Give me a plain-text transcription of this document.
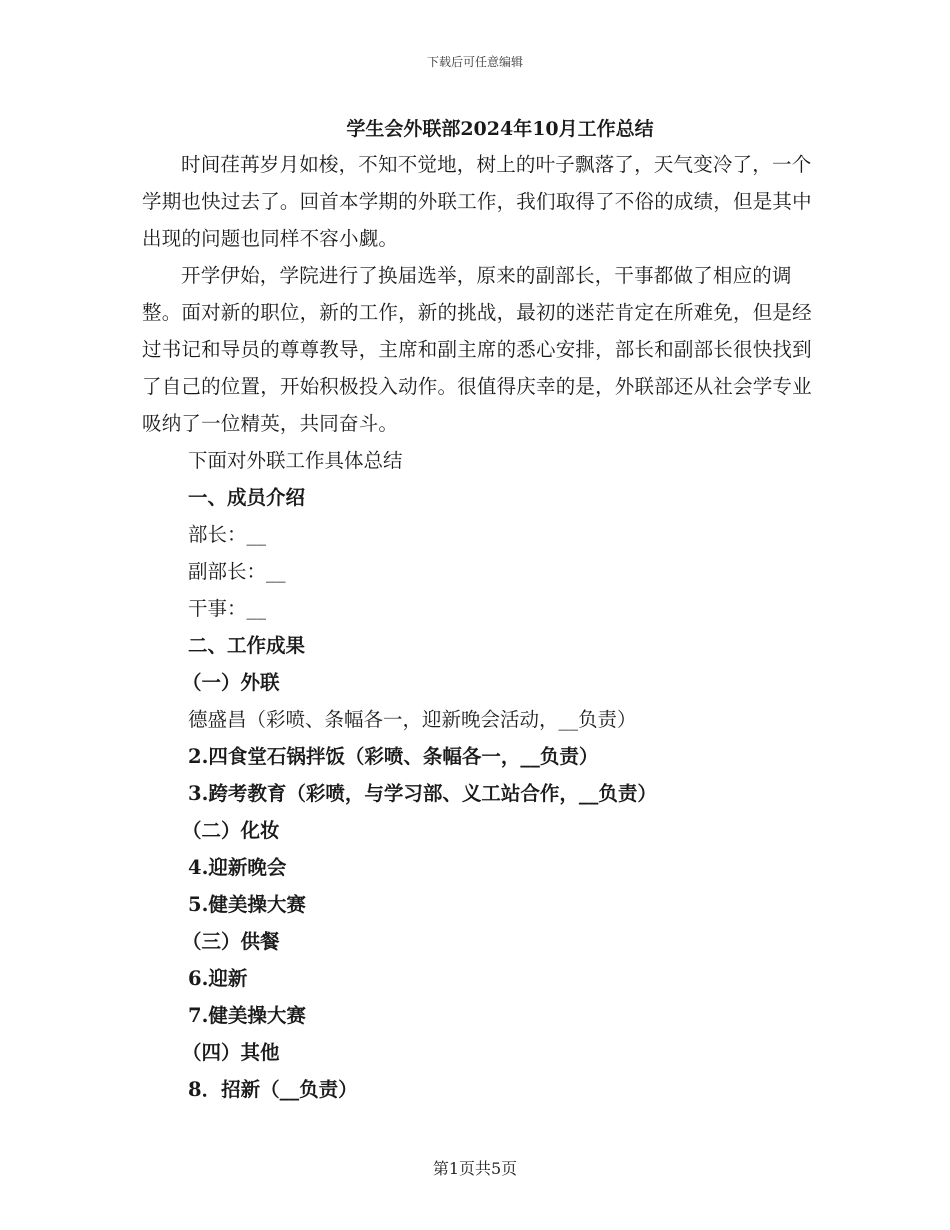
下载后可任意编辑
学生会外联部2024年10月工作总结

时间荏苒岁月如梭，不知不觉地，树上的叶子飘落了，天气变冷了，一个学期也快过去了。回首本学期的外联工作，我们取得了不俗的成绩，但是其中出现的问题也同样不容小觑。

开学伊始，学院进行了换届选举，原来的副部长，干事都做了相应的调整。面对新的职位，新的工作，新的挑战，最初的迷茫肯定在所难免，但是经过书记和导员的尊尊教导，主席和副主席的悉心安排，部长和副部长很快找到了自己的位置，开始积极投入动作。很值得庆幸的是，外联部还从社会学专业吸纳了一位精英，共同奋斗。

下面对外联工作具体总结

一、成员介绍

部长：__

副部长：__

干事：__

二、工作成果

（一）外联

德盛昌（彩喷、条幅各一，迎新晚会活动，__负责）

2.四食堂石锅拌饭（彩喷、条幅各一，__负责）

3.跨考教育（彩喷，与学习部、义工站合作，__负责）

（二）化妆

4.迎新晚会

5.健美操大赛

（三）供餐

6.迎新

7.健美操大赛

（四）其他

8．招新（__负责）

第1页共5页
